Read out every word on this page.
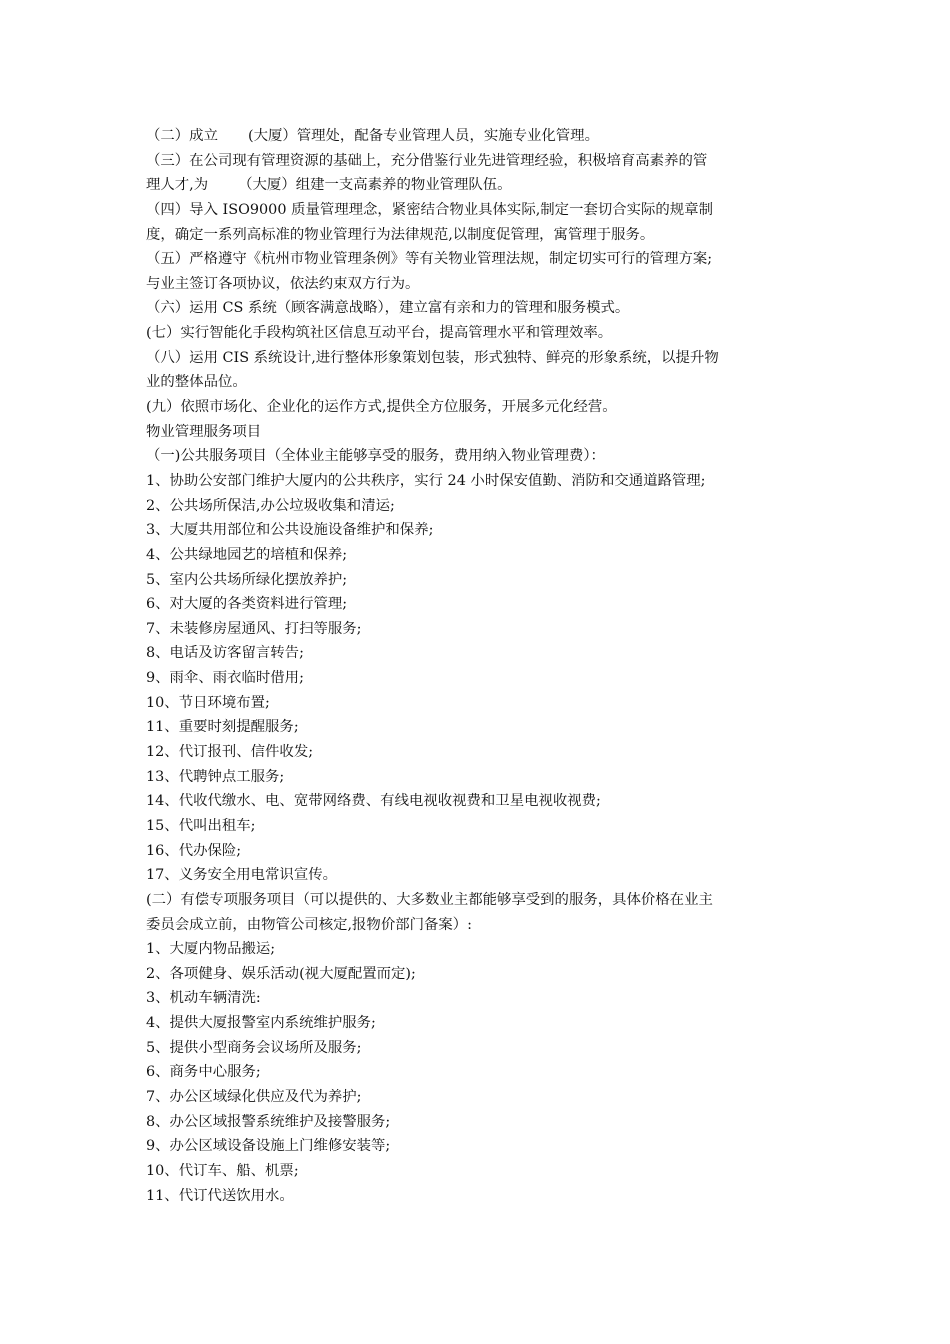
（二）成立 (大厦）管理处，配备专业管理人员，实施专业化管理。
（三）在公司现有管理资源的基础上，充分借鉴行业先进管理经验，积极培育高素养的管
理人才,为 （大厦）组建一支高素养的物业管理队伍。
（四）导入 ISO9000 质量管理理念，紧密结合物业具体实际,制定一套切合实际的规章制
度，确定一系列高标准的物业管理行为法律规范,以制度促管理，寓管理于服务。
（五）严格遵守《杭州市物业管理条例》等有关物业管理法规，制定切实可行的管理方案;
与业主签订各项协议，依法约束双方行为。
（六）运用 CS 系统（顾客满意战略），建立富有亲和力的管理和服务模式。
(七）实行智能化手段构筑社区信息互动平台，提高管理水平和管理效率。
（八）运用 CIS 系统设计,进行整体形象策划包装，形式独特、鲜亮的形象系统，以提升物
业的整体品位。
(九）依照市场化、企业化的运作方式,提供全方位服务，开展多元化经营。
物业管理服务项目
（一)公共服务项目（全体业主能够享受的服务，费用纳入物业管理费）：
1、协助公安部门维护大厦内的公共秩序，实行 24 小时保安值勤、消防和交通道路管理;
2、公共场所保洁,办公垃圾收集和清运;
3、大厦共用部位和公共设施设备维护和保养;
4、公共绿地园艺的培植和保养;
5、室内公共场所绿化摆放养护;
6、对大厦的各类资料进行管理;
7、未装修房屋通风、打扫等服务;
8、电话及访客留言转告;
9、雨伞、雨衣临时借用;
10、节日环境布置;
11、重要时刻提醒服务;
12、代订报刊、信件收发;
13、代聘钟点工服务;
14、代收代缴水、电、宽带网络费、有线电视收视费和卫星电视收视费;
15、代叫出租车;
16、代办保险;
17、义务安全用电常识宣传。
(二）有偿专项服务项目（可以提供的、大多数业主都能够享受到的服务，具体价格在业主
委员会成立前，由物管公司核定,报物价部门备案）:
1、大厦内物品搬运;
2、各项健身、娱乐活动(视大厦配置而定);
3、机动车辆清洗:
4、提供大厦报警室内系统维护服务;
5、提供小型商务会议场所及服务;
6、商务中心服务;
7、办公区域绿化供应及代为养护;
8、办公区域报警系统维护及接警服务;
9、办公区域设备设施上门维修安装等;
10、代订车、船、机票;
11、代订代送饮用水。
